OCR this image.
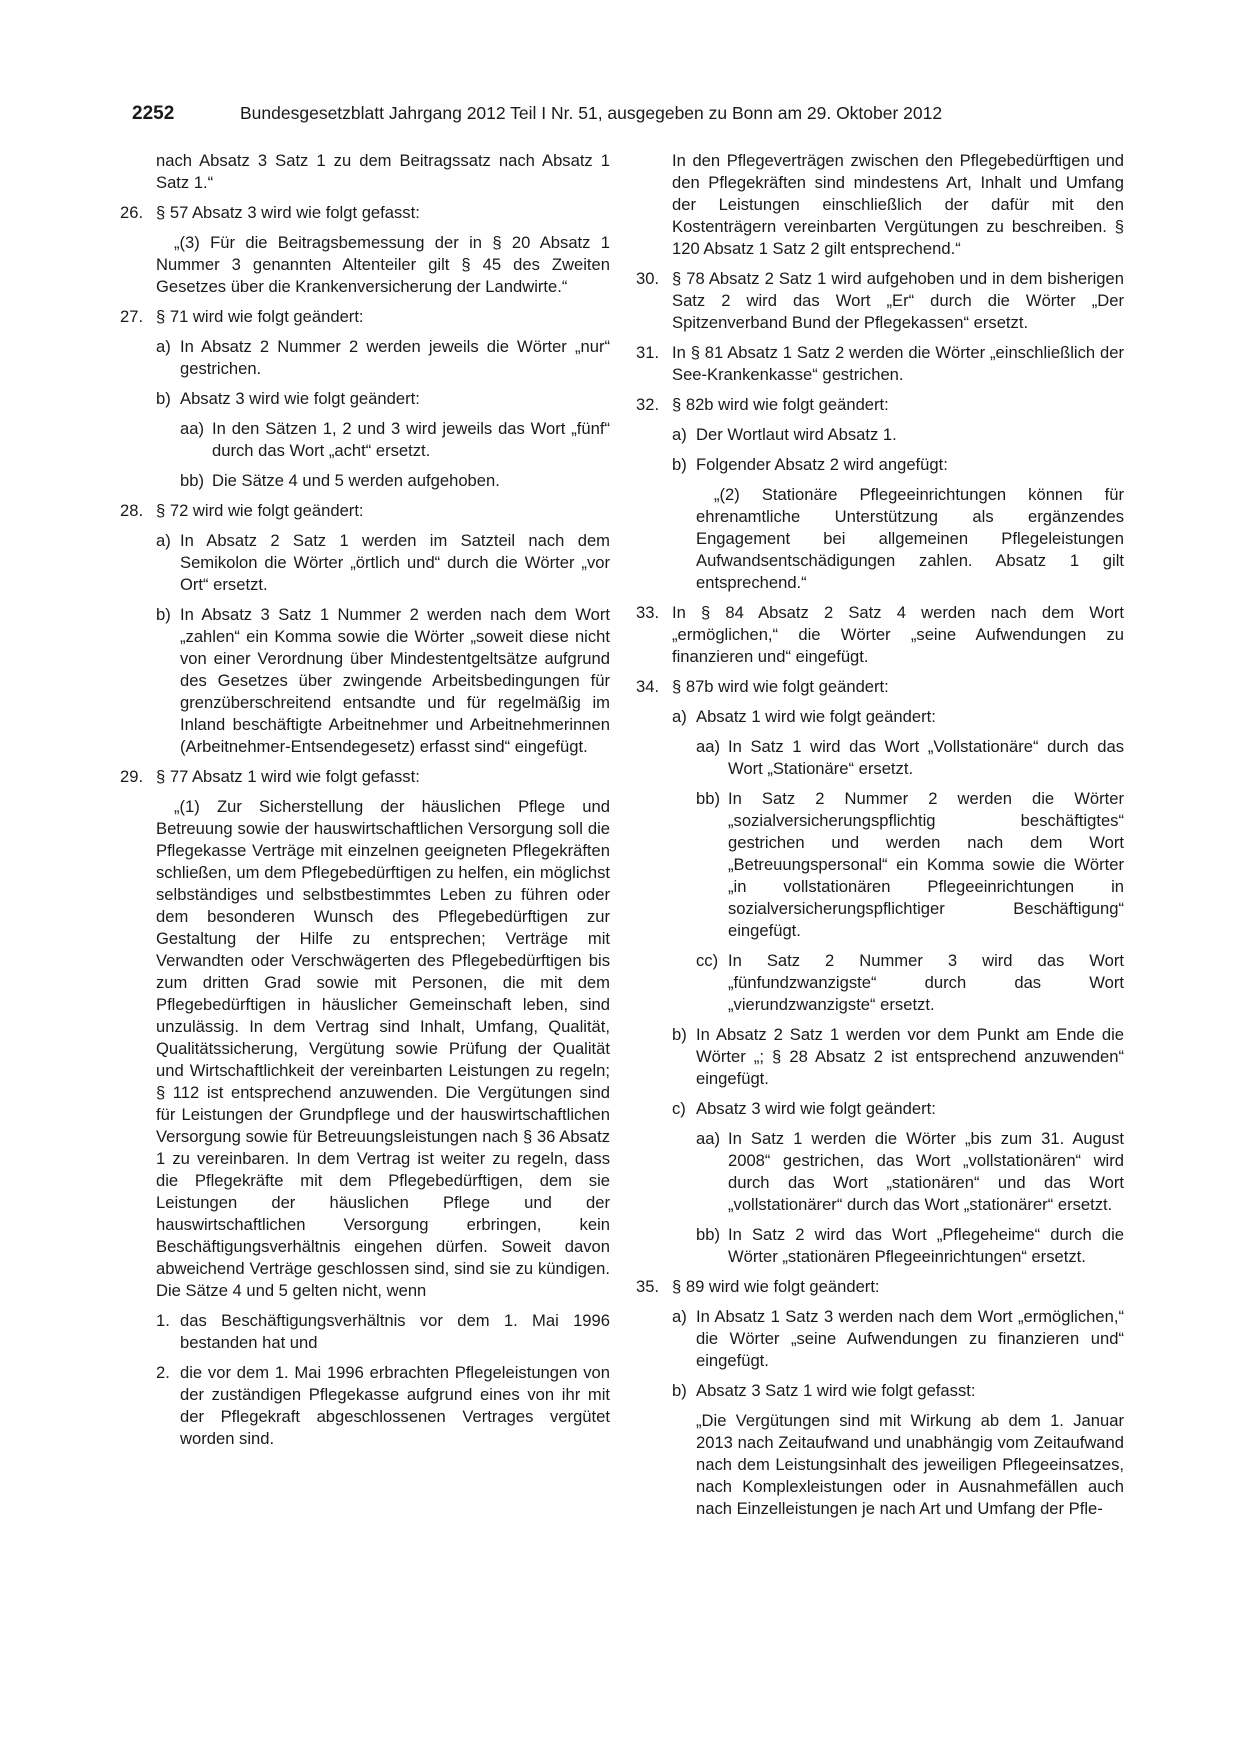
2252	Bundesgesetzblatt Jahrgang 2012 Teil I Nr. 51, ausgegeben zu Bonn am 29. Oktober 2012

nach Absatz 3 Satz 1 zu dem Beitragssatz nach Absatz 1 Satz 1.“

26. § 57 Absatz 3 wird wie folgt gefasst:

„(3) Für die Beitragsbemessung der in § 20 Absatz 1 Nummer 3 genannten Altenteiler gilt § 45 des Zweiten Gesetzes über die Krankenversicherung der Landwirte.“

27. § 71 wird wie folgt geändert:
a) In Absatz 2 Nummer 2 werden jeweils die Wörter „nur“ gestrichen.
b) Absatz 3 wird wie folgt geändert:
aa) In den Sätzen 1, 2 und 3 wird jeweils das Wort „fünf“ durch das Wort „acht“ ersetzt.
bb) Die Sätze 4 und 5 werden aufgehoben.
28. § 72 wird wie folgt geändert:
a) In Absatz 2 Satz 1 werden im Satzteil nach dem Semikolon die Wörter „örtlich und“ durch die Wörter „vor Ort“ ersetzt.
b) In Absatz 3 Satz 1 Nummer 2 werden nach dem Wort „zahlen“ ein Komma sowie die Wörter „soweit diese nicht von einer Verordnung über Mindestentgeltsätze aufgrund des Gesetzes über zwingende Arbeitsbedingungen für grenzüberschreitend entsandte und für regelmäßig im Inland beschäftigte Arbeitnehmer und Arbeitnehmerinnen (Arbeitnehmer-Entsendegesetz) erfasst sind“ eingefügt.
29. § 77 Absatz 1 wird wie folgt gefasst:

„(1) Zur Sicherstellung der häuslichen Pflege und Betreuung sowie der hauswirtschaftlichen Versorgung soll die Pflegekasse Verträge mit einzelnen geeigneten Pflegekräften schließen, um dem Pflegebedürftigen zu helfen, ein möglichst selbständiges und selbstbestimmtes Leben zu führen oder dem besonderen Wunsch des Pflegebedürftigen zur Gestaltung der Hilfe zu entsprechen; Verträge mit Verwandten oder Verschwägerten des Pflegebedürftigen bis zum dritten Grad sowie mit Personen, die mit dem Pflegebedürftigen in häuslicher Gemeinschaft leben, sind unzulässig. In dem Vertrag sind Inhalt, Umfang, Qualität, Qualitätssicherung, Vergütung sowie Prüfung der Qualität und Wirtschaftlichkeit der vereinbarten Leistungen zu regeln; § 112 ist entsprechend anzuwenden. Die Vergütungen sind für Leistungen der Grundpflege und der hauswirtschaftlichen Versorgung sowie für Betreuungsleistungen nach § 36 Absatz 1 zu vereinbaren. In dem Vertrag ist weiter zu regeln, dass die Pflegekräfte mit dem Pflegebedürftigen, dem sie Leistungen der häuslichen Pflege und der hauswirtschaftlichen Versorgung erbringen, kein Beschäftigungsverhältnis eingehen dürfen. Soweit davon abweichend Verträge geschlossen sind, sind sie zu kündigen. Die Sätze 4 und 5 gelten nicht, wenn

1. das Beschäftigungsverhältnis vor dem 1. Mai 1996 bestanden hat und
2. die vor dem 1. Mai 1996 erbrachten Pflegeleistungen von der zuständigen Pflegekasse aufgrund eines von ihr mit der Pflegekraft abgeschlossenen Vertrages vergütet worden sind.

In den Pflegeverträgen zwischen den Pflegebedürftigen und den Pflegekräften sind mindestens Art, Inhalt und Umfang der Leistungen einschließlich der dafür mit den Kostenträgern vereinbarten Vergütungen zu beschreiben. § 120 Absatz 1 Satz 2 gilt entsprechend.“

30. § 78 Absatz 2 Satz 1 wird aufgehoben und in dem bisherigen Satz 2 wird das Wort „Er“ durch die Wörter „Der Spitzenverband Bund der Pflegekassen“ ersetzt.
31. In § 81 Absatz 1 Satz 2 werden die Wörter „einschließlich der See-Krankenkasse“ gestrichen.
32. § 82b wird wie folgt geändert:
a) Der Wortlaut wird Absatz 1.
b) Folgender Absatz 2 wird angefügt:

„(2) Stationäre Pflegeeinrichtungen können für ehrenamtliche Unterstützung als ergänzendes Engagement bei allgemeinen Pflegeleistungen Aufwandsentschädigungen zahlen. Absatz 1 gilt entsprechend.“

33. In § 84 Absatz 2 Satz 4 werden nach dem Wort „ermöglichen,“ die Wörter „seine Aufwendungen zu finanzieren und“ eingefügt.
34. § 87b wird wie folgt geändert:
a) Absatz 1 wird wie folgt geändert:
aa) In Satz 1 wird das Wort „Vollstationäre“ durch das Wort „Stationäre“ ersetzt.
bb) In Satz 2 Nummer 2 werden die Wörter „sozialversicherungspflichtig beschäftigtes“ gestrichen und werden nach dem Wort „Betreuungspersonal“ ein Komma sowie die Wörter „in vollstationären Pflegeeinrichtungen in sozialversicherungspflichtiger Beschäftigung“ eingefügt.
cc) In Satz 2 Nummer 3 wird das Wort „fünfundzwanzigste“ durch das Wort „vierundzwanzigste“ ersetzt.
b) In Absatz 2 Satz 1 werden vor dem Punkt am Ende die Wörter „; § 28 Absatz 2 ist entsprechend anzuwenden“ eingefügt.
c) Absatz 3 wird wie folgt geändert:
aa) In Satz 1 werden die Wörter „bis zum 31. August 2008“ gestrichen, das Wort „vollstationären“ wird durch das Wort „stationären“ und das Wort „vollstationärer“ durch das Wort „stationärer“ ersetzt.
bb) In Satz 2 wird das Wort „Pflegeheime“ durch die Wörter „stationären Pflegeeinrichtungen“ ersetzt.
35. § 89 wird wie folgt geändert:
a) In Absatz 1 Satz 3 werden nach dem Wort „ermöglichen,“ die Wörter „seine Aufwendungen zu finanzieren und“ eingefügt.
b) Absatz 3 Satz 1 wird wie folgt gefasst:

„Die Vergütungen sind mit Wirkung ab dem 1. Januar 2013 nach Zeitaufwand und unabhängig vom Zeitaufwand nach dem Leistungsinhalt des jeweiligen Pflegeeinsatzes, nach Komplexleistungen oder in Ausnahmefällen auch nach Einzelleistungen je nach Art und Umfang der Pfle-
